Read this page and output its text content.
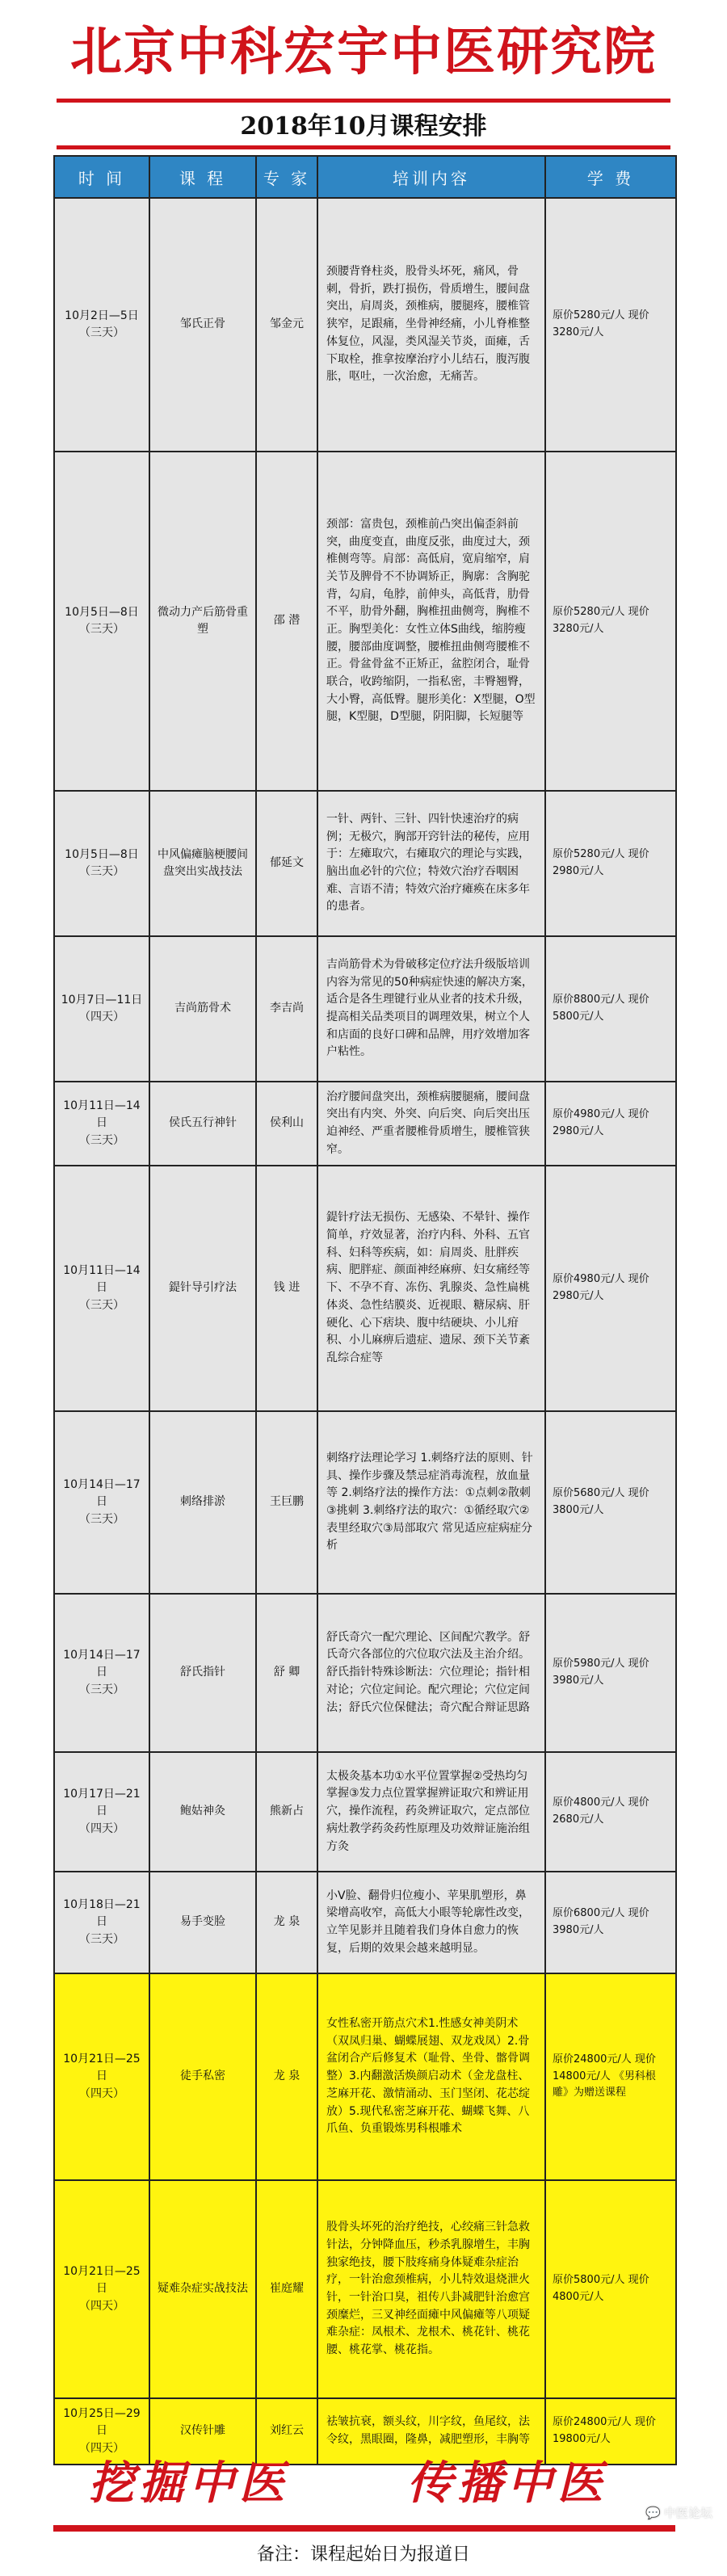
北京中科宏宇中医研究院
2018年10月课程安排
时 间	课 程	专 家	培训内容	学 费
10月2日—5日
（三天）	邹氏正骨	邹金元	颈腰背脊柱炎，股骨头坏死，痛风，骨刺，骨折，跌打损伤，骨质增生，腰间盘突出，肩周炎，颈椎病，腰腿疼，腰椎管狭窄，足跟痛，坐骨神经痛，小儿脊椎整体复位，风湿，类风湿关节炎，面瘫，舌下取栓，推拿按摩治疗小儿结石，腹泻腹胀，呕吐，一次治愈，无痛苦。	原价5280元/人 现价3280元/人
10月5日—8日
（三天）	微动力产后筋骨重塑	邵 潜	颈部：富贵包，颈椎前凸突出偏歪斜前突，曲度变直，曲度反张，曲度过大，颈椎侧弯等。肩部：高低肩，宽肩缩窄，肩关节及脾骨不不协调矫正，胸廓：含胸驼背，勾肩，龟脖，前伸头，高低背，肋骨不平，肋骨外翻，胸椎扭曲侧弯，胸椎不正。胸型美化：女性立体S曲线，缩胯瘦腰，腰部曲度调整，腰椎扭曲侧弯腰椎不正。骨盆骨盆不正矫正，盆腔闭合，耻骨联合，收跨缩阴，一指私密，丰臀翘臀，大小臀，高低臀。腿形美化：X型腿，O型腿，K型腿，D型腿，阴阳脚，长短腿等	原价5280元/人 现价3280元/人
10月5日—8日
（三天）	中风偏瘫脑梗腰间盘突出实战技法	郁延文	一针、两针、三针、四针快速治疗的病例；无极穴，胸部开窍针法的秘传，应用于：左瘫取穴，右瘫取穴的理论与实践，脑出血必针的穴位；特效穴治疗吞咽困难、言语不清；特效穴治疗瘫痪在床多年的患者。	原价5280元/人 现价2980元/人
10月7日—11日
（四天）	吉尚筋骨术	李吉尚	吉尚筋骨术为骨破移定位疗法升级版培训内容为常见的50种病症快速的解决方案，适合是各生理键行业从业者的技术升级，提高相关品类项目的调理效果，树立个人和店面的良好口碑和品牌，用疗效增加客户粘性。	原价8800元/人 现价5800元/人
10月11日—14日
（三天）	侯氏五行神针	侯利山	治疗腰间盘突出，颈椎病腰腿痛，腰间盘突出有内突、外突、向后突、向后突出压迫神经、严重者腰椎骨质增生，腰椎管狭窄。	原价4980元/人 现价2980元/人
10月11日—14日
（三天）	鍉针导引疗法	钱 进	鍉针疗法无损伤、无感染、不晕针、操作简单，疗效显著，治疗内科、外科、五官科、妇科等疾病，如：肩周炎、肚胖疾病、肥胖症、颜面神经麻痹、妇女痛经等下、不孕不育、冻伤、乳腺炎、急性扁桃体炎、急性结膜炎、近视眼、糖尿病、肝硬化、心下痞块、腹中结硬块、小儿疳积、小儿麻痹后遗症、遗尿、颈下关节紊乱综合症等	原价4980元/人 现价2980元/人
10月14日—17日
（三天）	刺络排淤	王巨鹏	刺络疗法理论学习 1.刺络疗法的原则、针具、操作步骤及禁忌症消毒流程，放血量等 2.刺络疗法的操作方法：①点刺②散刺③挑刺 3.刺络疗法的取穴：①循经取穴②表里经取穴③局部取穴 常见适应症病症分析	原价5680元/人 现价3800元/人
10月14日—17日
（三天）	舒氏指针	舒 卿	舒氏奇穴一配穴理论、区间配穴教学。舒氏奇穴各部位的穴位取穴法及主治介绍。舒氏指针特殊诊断法：穴位理论；指针相对论；穴位定间论。配穴理论；穴位定间法；舒氏穴位保健法；奇穴配合辩证思路	原价5980元/人 现价3980元/人
10月17日—21日
（四天）	鲍姑神灸	熊新占	太极灸基本功①水平位置掌握②受热均匀掌握③发力点位置掌握辨证取穴和辨证用穴，操作流程，药灸辨证取穴，定点部位病灶教学药灸药性原理及功效辩证施治组方灸	原价4800元/人 现价2680元/人
10月18日—21日
（三天）	易手变脸	龙 泉	小V脸、翻骨归位瘦小、苹果肌塑形，鼻梁增高收窄，高低大小眼等轮廓性改变，立竿见影并且随着我们身体自愈力的恢复，后期的效果会越来越明显。	原价6800元/人 现价3980元/人
10月21日—25日
（四天）	徒手私密	龙 泉	女性私密开筋点穴术1.性感女神美阴术（双凤归巢、蝴蝶展翅、双龙戏凤）2.骨盆闭合产后修复术（耻骨、坐骨、髂骨调整）3.内翻激活焕颜启动术（金龙盘柱、芝麻开花、激情涌动、玉门坚闭、花芯绽放）5.现代私密芝麻开花、蝴蝶飞舞、八爪鱼、负重锻炼男科根雕术	原价24800元/人 现价14800元/人 《男科根雕》为赠送课程
10月21日—25日
（四天）	疑难杂症实战技法	崔庭耀	股骨头坏死的治疗绝技，心绞痛三针急救针法，分钟降血压，秒杀乳腺增生，丰胸独家绝技，腰下肢疼痛身体疑难杂症治疗，一针治愈颈椎病，小儿特效退烧泄火针，一针治口臭，祖传八卦减肥针治愈宫颈糜烂，三叉神经面瘫中风偏瘫等八项疑难杂症：凤根术、龙根术、桃花针、桃花腰、桃花掌、桃花指。	原价5800元/人 现价4800元/人
10月25日—29日
（四天）	汉传针雕	刘红云	祛皱抗衰，额头纹，川字纹，鱼尾纹，法令纹，黑眼圈，隆鼻，减肥塑形，丰胸等	原价24800元/人 现价19800元/人
挖掘中医	传播中医
💬 中医论坛
备注：课程起始日为报道日
